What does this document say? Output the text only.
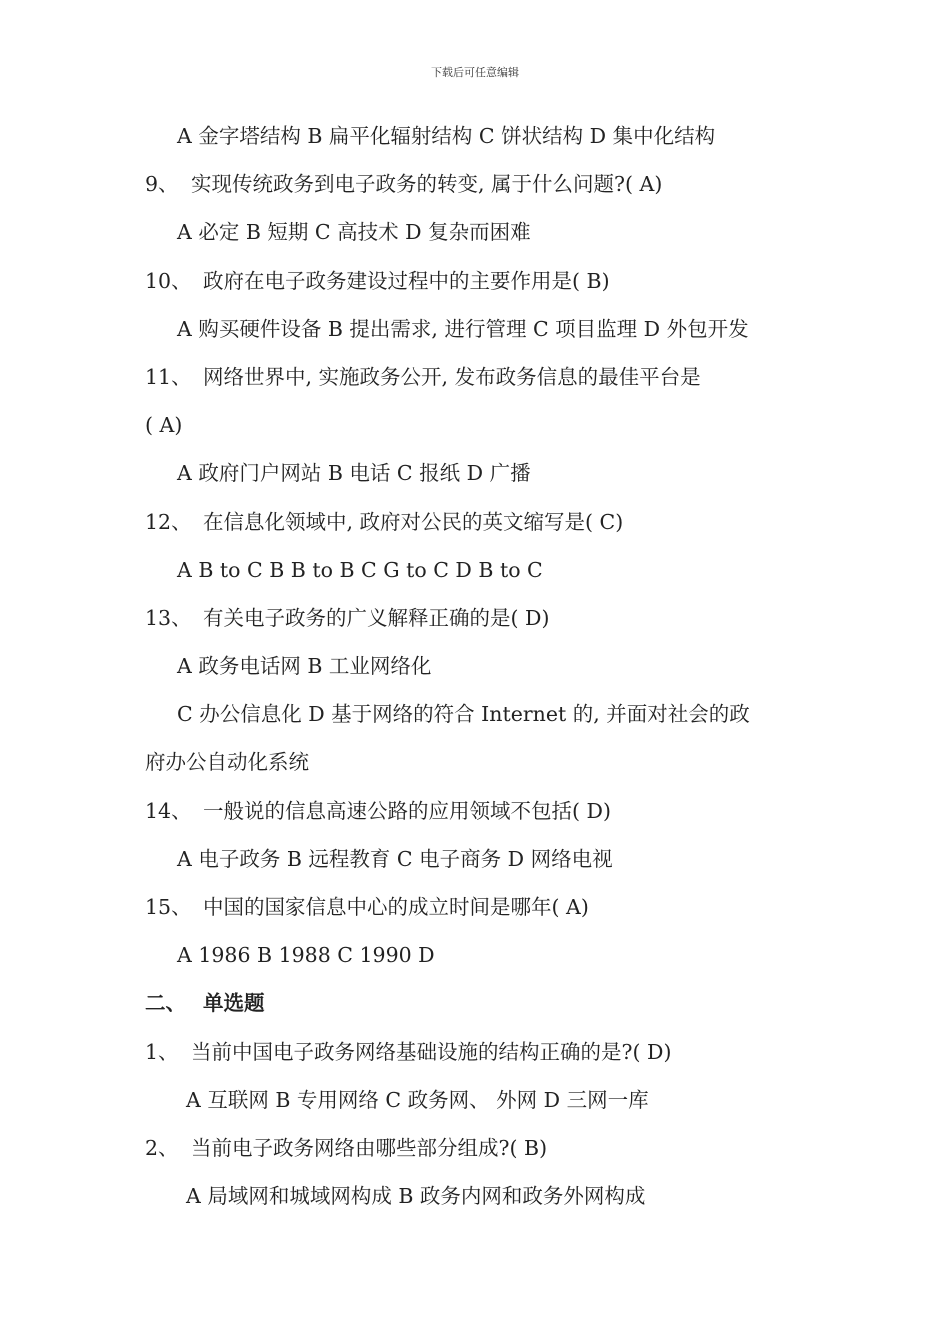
下载后可任意编辑
A 金字塔结构 B 扁平化辐射结构 C 饼状结构 D 集中化结构
9、 实现传统政务到电子政务的转变, 属于什么问题?( A)
A 必定 B 短期 C 高技术 D 复杂而困难
10、 政府在电子政务建设过程中的主要作用是( B)
A 购买硬件设备 B 提出需求, 进行管理 C 项目监理 D 外包开发
11、 网络世界中, 实施政务公开, 发布政务信息的最佳平台是
( A)
A 政府门户网站 B 电话 C 报纸 D 广播
12、 在信息化领域中, 政府对公民的英文缩写是( C)
A B to C B B to B C G to C D B to C
13、 有关电子政务的广义解释正确的是( D)
A 政务电话网 B 工业网络化
C 办公信息化 D 基于网络的符合 Internet 的, 并面对社会的政
府办公自动化系统
14、 一般说的信息高速公路的应用领域不包括( D)
A 电子政务 B 远程教育 C 电子商务 D 网络电视
15、 中国的国家信息中心的成立时间是哪年( A)
A 1986 B 1988 C 1990 D
二、 单选题
1、 当前中国电子政务网络基础设施的结构正确的是?( D)
A 互联网 B 专用网络 C 政务网、 外网 D 三网一库
2、 当前电子政务网络由哪些部分组成?( B)
A 局域网和城域网构成 B 政务内网和政务外网构成
